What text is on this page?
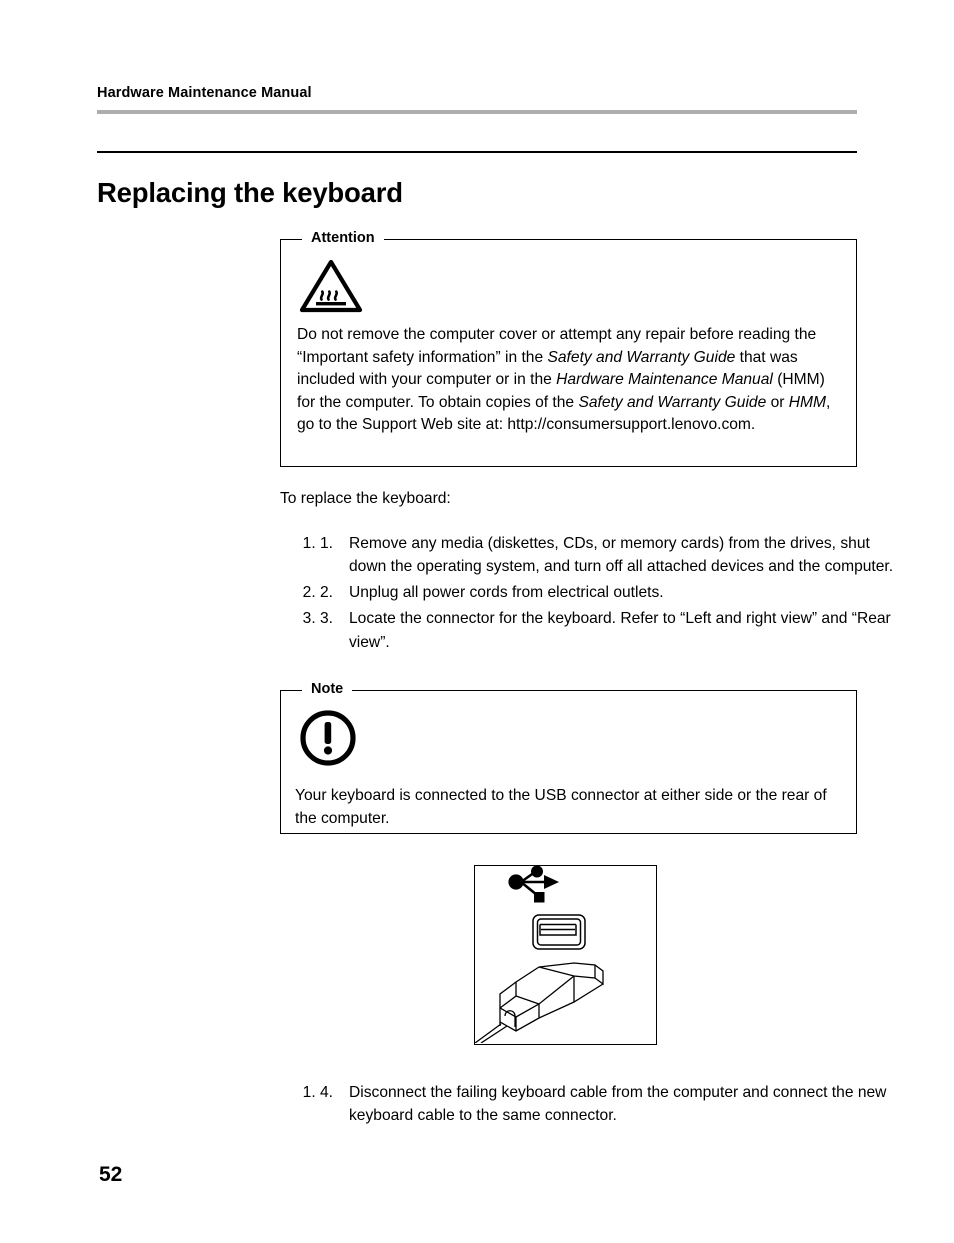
Hardware Maintenance Manual
Replacing the keyboard
Attention
Do not remove the computer cover or attempt any repair before reading the “Important safety information” in the Safety and Warranty Guide that was included with your computer or in the Hardware Maintenance Manual (HMM) for the computer. To obtain copies of the Safety and Warranty Guide or HMM, go to the Support Web site at: http://consumersupport.lenovo.com.
To replace the keyboard:
1. 1.	Remove any media (diskettes, CDs, or memory cards) from the drives, shut down the operating system, and turn off all attached devices and the computer.
2. 2.	Unplug all power cords from electrical outlets.
3. 3.	Locate the connector for the keyboard. Refer to “Left and right view” and “Rear view”.
Note
Your keyboard is connected to the USB connector at either side or the rear of the computer.
1. 4.	Disconnect the failing keyboard cable from the computer and connect the new keyboard cable to the same connector.
52
